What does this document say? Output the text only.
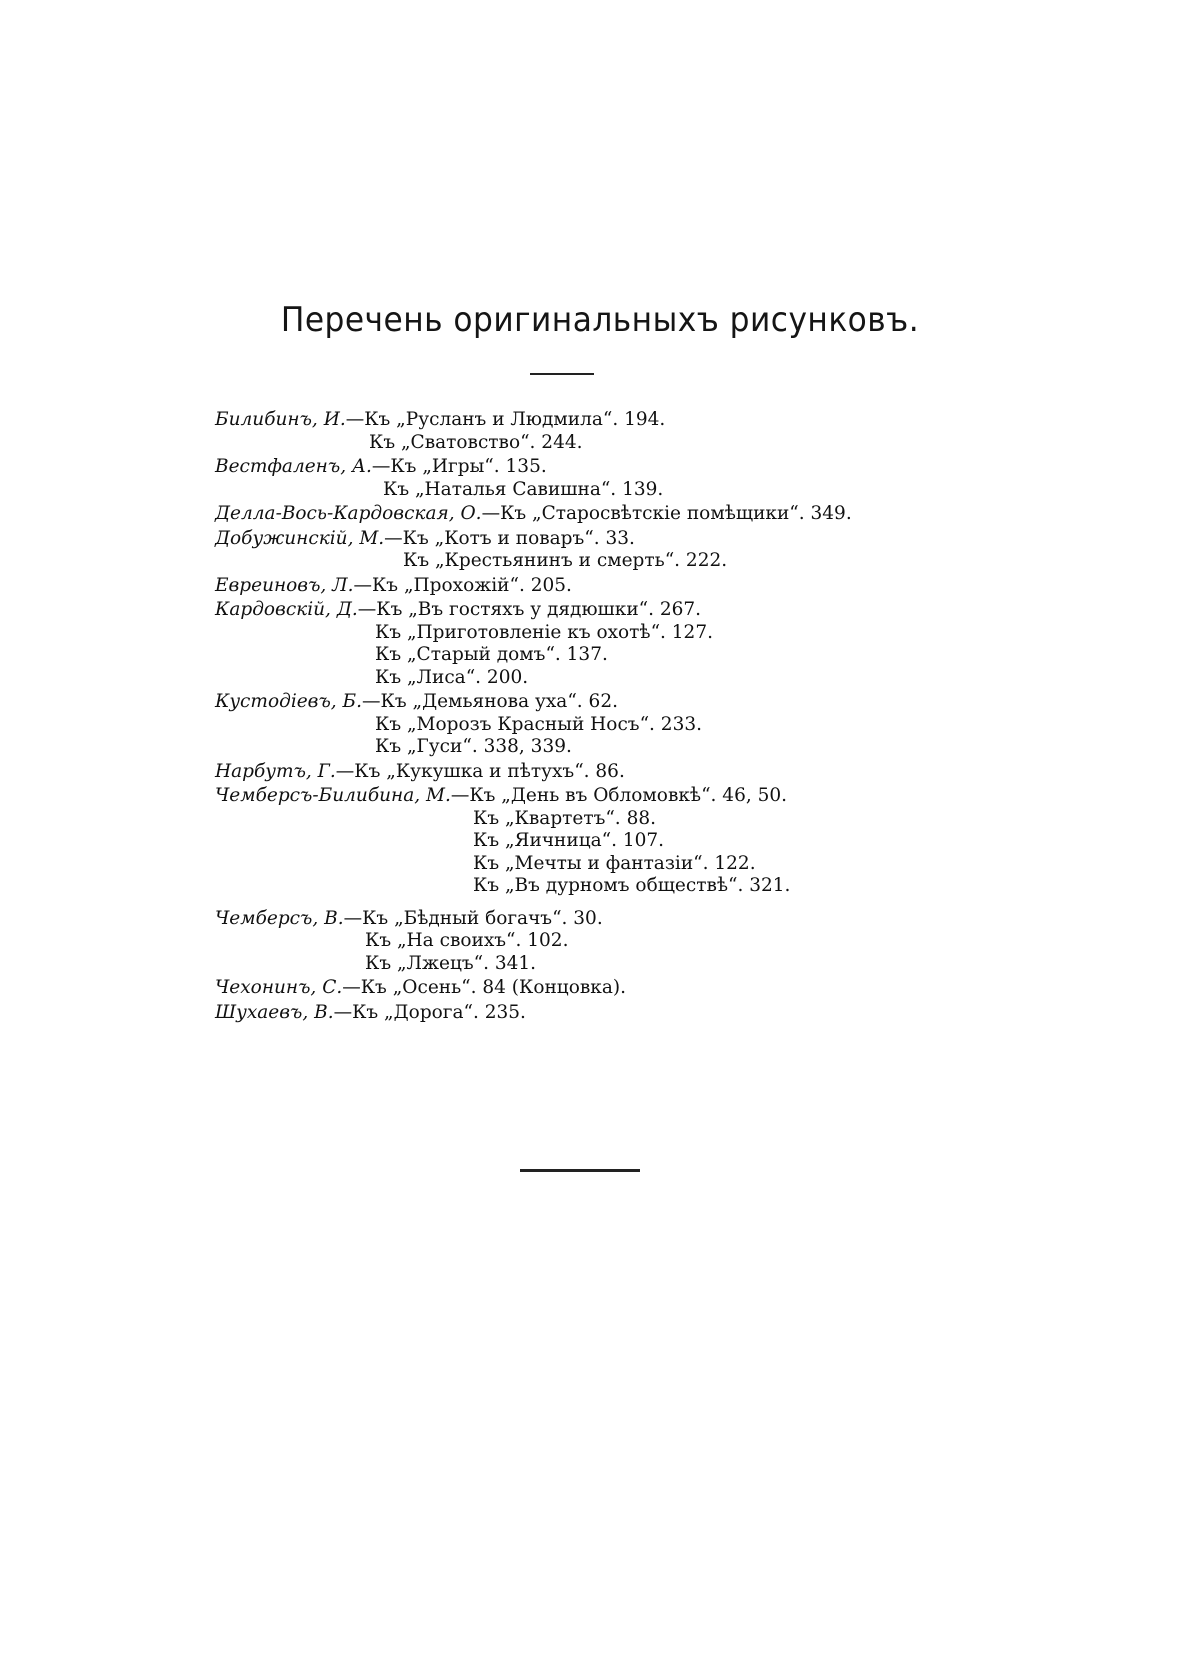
Перечень оригинальныхъ рисунковъ.
Билибинъ, И.—Къ „Русланъ и Людмила“. 194.
Къ „Сватовство“. 244.
Вестфаленъ, А.—Къ „Игры“. 135.
Къ „Наталья Савишна“. 139.
Делла-Вось-Кардовская, О.—Къ „Старосвѣтскіе помѣщики“. 349.
Добужинскій, М.—Къ „Котъ и поваръ“. 33.
Къ „Крестьянинъ и смерть“. 222.
Евреиновъ, Л.—Къ „Прохожій“. 205.
Кардовскій, Д.—Къ „Въ гостяхъ у дядюшки“. 267.
Къ „Приготовленіе къ охотѣ“. 127.
Къ „Старый домъ“. 137.
Къ „Лиса“. 200.
Кустодіевъ, Б.—Къ „Демьянова уха“. 62.
Къ „Морозъ Красный Носъ“. 233.
Къ „Гуси“. 338, 339.
Нарбутъ, Г.—Къ „Кукушка и пѣтухъ“. 86.
Чемберсъ-Билибина, М.—Къ „День въ Обломовкѣ“. 46, 50.
Къ „Квартетъ“. 88.
Къ „Яичница“. 107.
Къ „Мечты и фантазіи“. 122.
Къ „Въ дурномъ обществѣ“. 321.
Чемберсъ, В.—Къ „Бѣдный богачъ“. 30.
Къ „На своихъ“. 102.
Къ „Лжецъ“. 341.
Чехонинъ, С.—Къ „Осень“. 84 (Концовка).
Шухаевъ, В.—Къ „Дорога“. 235.
